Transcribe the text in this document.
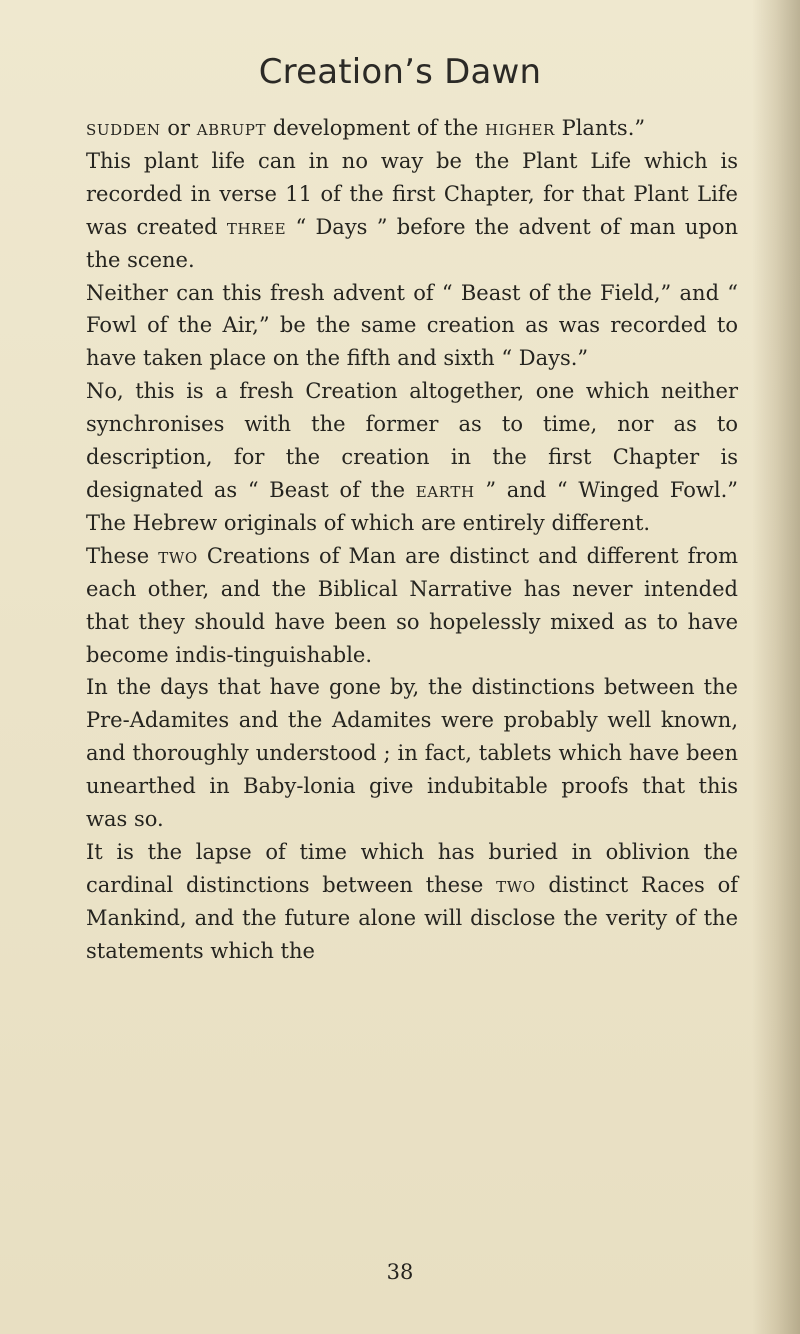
Creation’s Dawn

sudden or abrupt development of the higher Plants.”

This plant life can in no way be the Plant Life which is recorded in verse 11 of the first Chapter, for that Plant Life was created three “ Days ” before the advent of man upon the scene.

Neither can this fresh advent of “ Beast of the Field,” and “ Fowl of the Air,” be the same creation as was recorded to have taken place on the fifth and sixth “ Days.”

No, this is a fresh Creation altogether, one which neither synchronises with the former as to time, nor as to description, for the creation in the first Chapter is designated as “ Beast of the earth ” and “ Winged Fowl.” The Hebrew originals of which are entirely different.

These two Creations of Man are distinct and different from each other, and the Biblical Narrative has never intended that they should have been so hopelessly mixed as to have become indis-tinguishable.

In the days that have gone by, the distinctions between the Pre-Adamites and the Adamites were probably well known, and thoroughly understood ; in fact, tablets which have been unearthed in Baby-lonia give indubitable proofs that this was so.

It is the lapse of time which has buried in oblivion the cardinal distinctions between these two distinct Races of Mankind, and the future alone will disclose the verity of the statements which the

38
